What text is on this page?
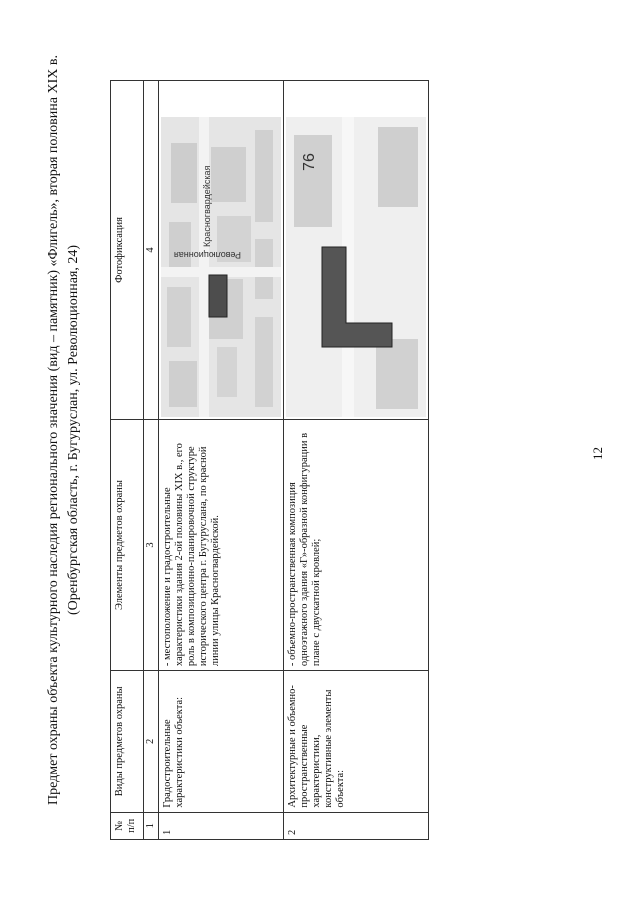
12
Предмет охраны объекта культурного наследия регионального значения (вид – памятник) «Флигель», вторая половина XIX в. (Оренбургская область, г. Бугуруслан, ул. Революционная, 24)
№ п/п	Виды предметов охраны	Элементы предметов охраны	Фотофиксация
1	2	3	4
1	Градостроительные характеристики объекта:	- местоположение и градостроительные характеристики здания 2-ой половины XIX в., его роль в композиционно-планировочной структуре исторического центра г. Бугуруслана, по красной линии улицы Красногвардейской.	Красногвардейская
Революционная

2	Архитектурные и объемно-пространственные характеристики, конструктивные элементы объекта:	- объемно-пространственная композиция одноэтажного здания «Г»-образной конфигурации в плане с двускатной кровлей;	76
